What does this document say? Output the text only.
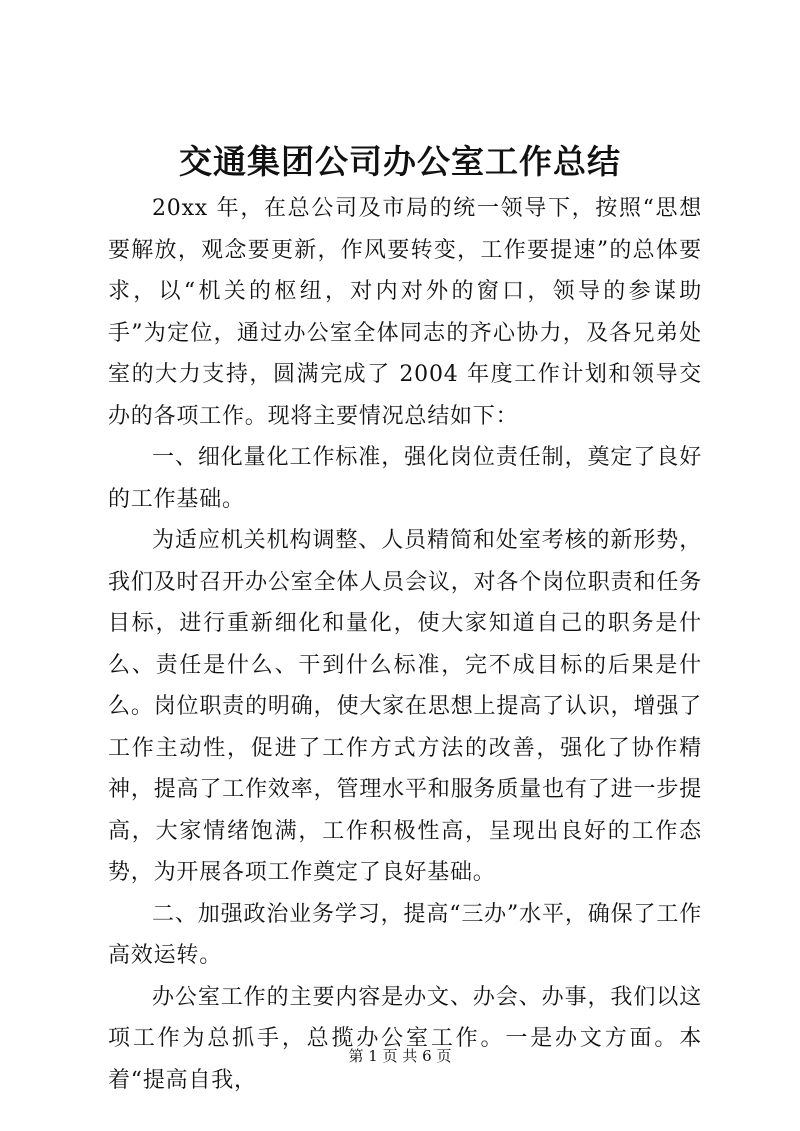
交通集团公司办公室工作总结

20xx 年，在总公司及市局的统一领导下，按照“思想要解放，观念要更新，作风要转变，工作要提速”的总体要求，以“机关的枢纽，对内对外的窗口，领导的参谋助手”为定位，通过办公室全体同志的齐心协力，及各兄弟处室的大力支持，圆满完成了 2004 年度工作计划和领导交办的各项工作。现将主要情况总结如下：

一、细化量化工作标准，强化岗位责任制，奠定了良好的工作基础。

为适应机关机构调整、人员精简和处室考核的新形势，我们及时召开办公室全体人员会议，对各个岗位职责和任务目标，进行重新细化和量化，使大家知道自己的职务是什么、责任是什么、干到什么标准，完不成目标的后果是什么。岗位职责的明确，使大家在思想上提高了认识，增强了工作主动性，促进了工作方式方法的改善，强化了协作精神，提高了工作效率，管理水平和服务质量也有了进一步提高，大家情绪饱满，工作积极性高，呈现出良好的工作态势，为开展各项工作奠定了良好基础。

二、加强政治业务学习，提高“三办”水平，确保了工作高效运转。

办公室工作的主要内容是办文、办会、办事，我们以这项工作为总抓手，总揽办公室工作。一是办文方面。本着“提高自我，

第 1 页 共 6 页
